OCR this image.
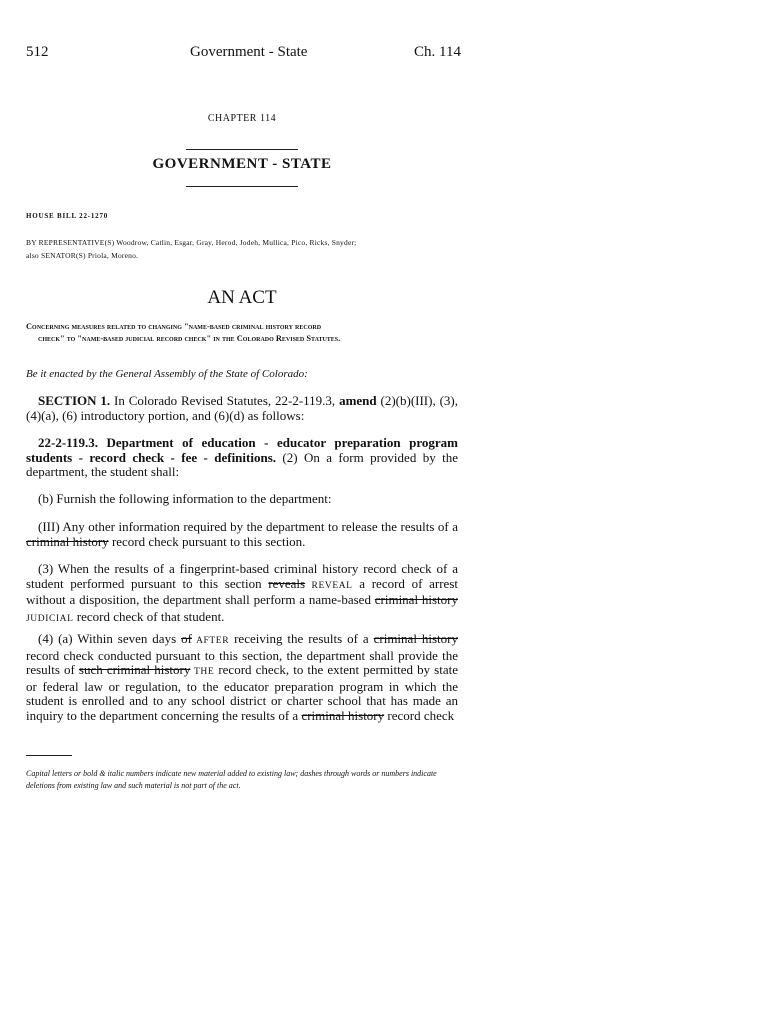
512	Government - State	Ch. 114
CHAPTER 114
GOVERNMENT - STATE
HOUSE BILL 22-1270
BY REPRESENTATIVE(S) Woodrow, Catlin, Esgar, Gray, Herod, Jodeh, Mullica, Pico, Ricks, Snyder;
also SENATOR(S) Priola, Moreno.
AN ACT
Concerning measures related to changing "name-based criminal history record
check" to "name-based judicial record check" in the Colorado Revised Statutes.
Be it enacted by the General Assembly of the State of Colorado:
SECTION 1. In Colorado Revised Statutes, 22-2-119.3, amend (2)(b)(III), (3), (4)(a), (6) introductory portion, and (6)(d) as follows:
22-2-119.3. Department of education - educator preparation program students - record check - fee - definitions. (2) On a form provided by the department, the student shall:
(b) Furnish the following information to the department:
(III) Any other information required by the department to release the results of a criminal history record check pursuant to this section.
(3) When the results of a fingerprint-based criminal history record check of a student performed pursuant to this section reveals REVEAL a record of arrest without a disposition, the department shall perform a name-based criminal history JUDICIAL record check of that student.
(4) (a) Within seven days of AFTER receiving the results of a criminal history record check conducted pursuant to this section, the department shall provide the results of such criminal history THE record check, to the extent permitted by state or federal law or regulation, to the educator preparation program in which the student is enrolled and to any school district or charter school that has made an inquiry to the department concerning the results of a criminal history record check
Capital letters or bold & italic numbers indicate new material added to existing law; dashes through words or numbers indicate deletions from existing law and such material is not part of the act.
